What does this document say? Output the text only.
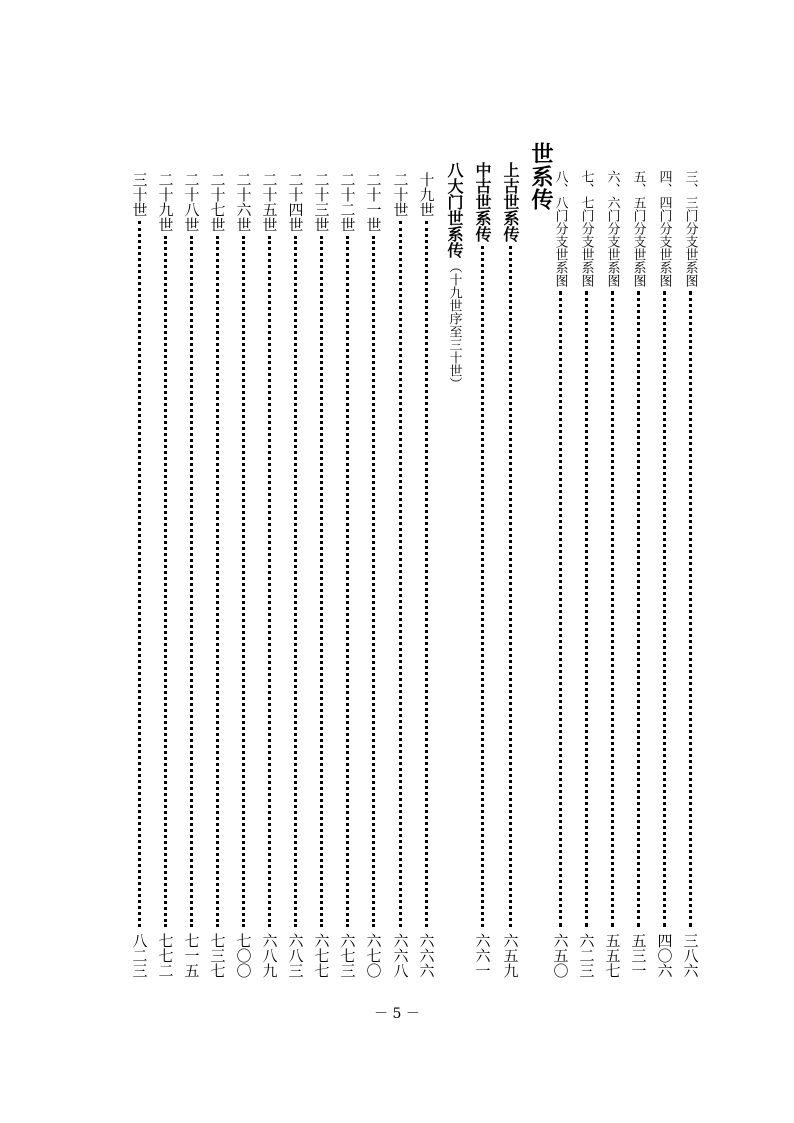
三、三门分支世系图
三八六
四、四门分支世系图
四〇六
五、五门分支世系图
五三一
六、六门分支世系图
五五七
七、七门分支世系图
六二三
八、八门分支世系图
六五〇
世系传
上古世系传
六五九
中古世系传
六六一
八大门世系传
（十九世序至三十世）
十九世
六六六
二十世
六六八
二十一世
六七〇
二十二世
六七三
二十三世
六七七
二十四世
六八三
二十五世
六八九
二十六世
七〇〇
二十七世
七三七
二十八世
七一五
二十九世
七七二
三十世
八二三
－ 5 －
